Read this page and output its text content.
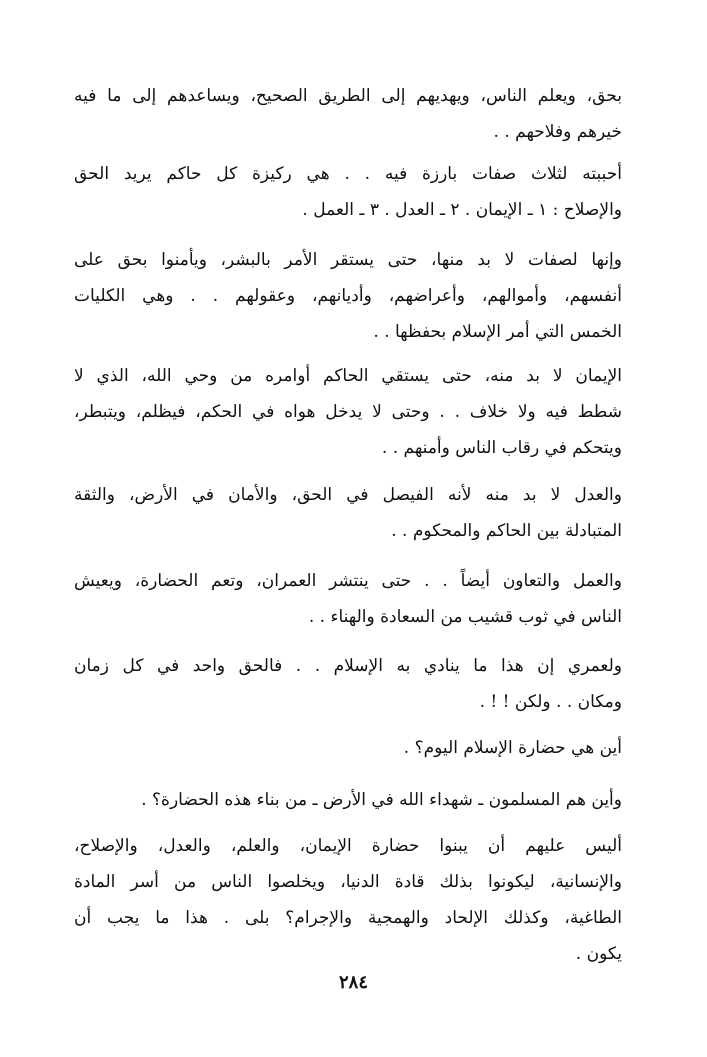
بحق، ويعلم الناس، ويهديهم إلى الطريق الصحيح، ويساعدهم إلى ما فيه
خيرهم وفلاحهم . .
أحببته لثلاث صفات بارزة فيه . . هي ركيزة كل حاكم يريد الحق
والإصلاح : ١ ـ الإيمان . ٢ ـ العدل . ٣ ـ العمل .
وإنها لصفات لا بد منها، حتى يستقر الأمر بالبشر، ويأمنوا بحق على
أنفسهم، وأموالهم، وأعراضهم، وأديانهم، وعقولهم . . وهي الكليات
الخمس التي أمر الإسلام بحفظها . .
الإيمان لا بد منه، حتى يستقي الحاكم أوامره من وحي الله، الذي لا
شطط فيه ولا خلاف . . وحتى لا يدخل هواه في الحكم، فيظلم، ويتبطر،
ويتحكم في رقاب الناس وأمنهم . .
والعدل لا بد منه لأنه الفيصل في الحق، والأمان في الأرض، والثقة
المتبادلة بين الحاكم والمحكوم . .
والعمل والتعاون أيضاً . . حتى ينتشر العمران، وتعم الحضارة، ويعيش
الناس في ثوب قشيب من السعادة والهناء . .
ولعمري إن هذا ما ينادي به الإسلام . . فالحق واحد في كل زمان
ومكان . . ولكن ! ! .
أين هي حضارة الإسلام اليوم؟ .
وأين هم المسلمون ـ شهداء الله في الأرض ـ من بناء هذه الحضارة؟ .
أليس عليهم أن يبنوا حضارة الإيمان، والعلم، والعدل، والإصلاح،
والإنسانية، ليكونوا بذلك قادة الدنيا، ويخلصوا الناس من أسر المادة
الطاغية، وكذلك الإلحاد والهمجية والإجرام؟ بلى . هذا ما يجب أن
يكون .
٢٨٤
